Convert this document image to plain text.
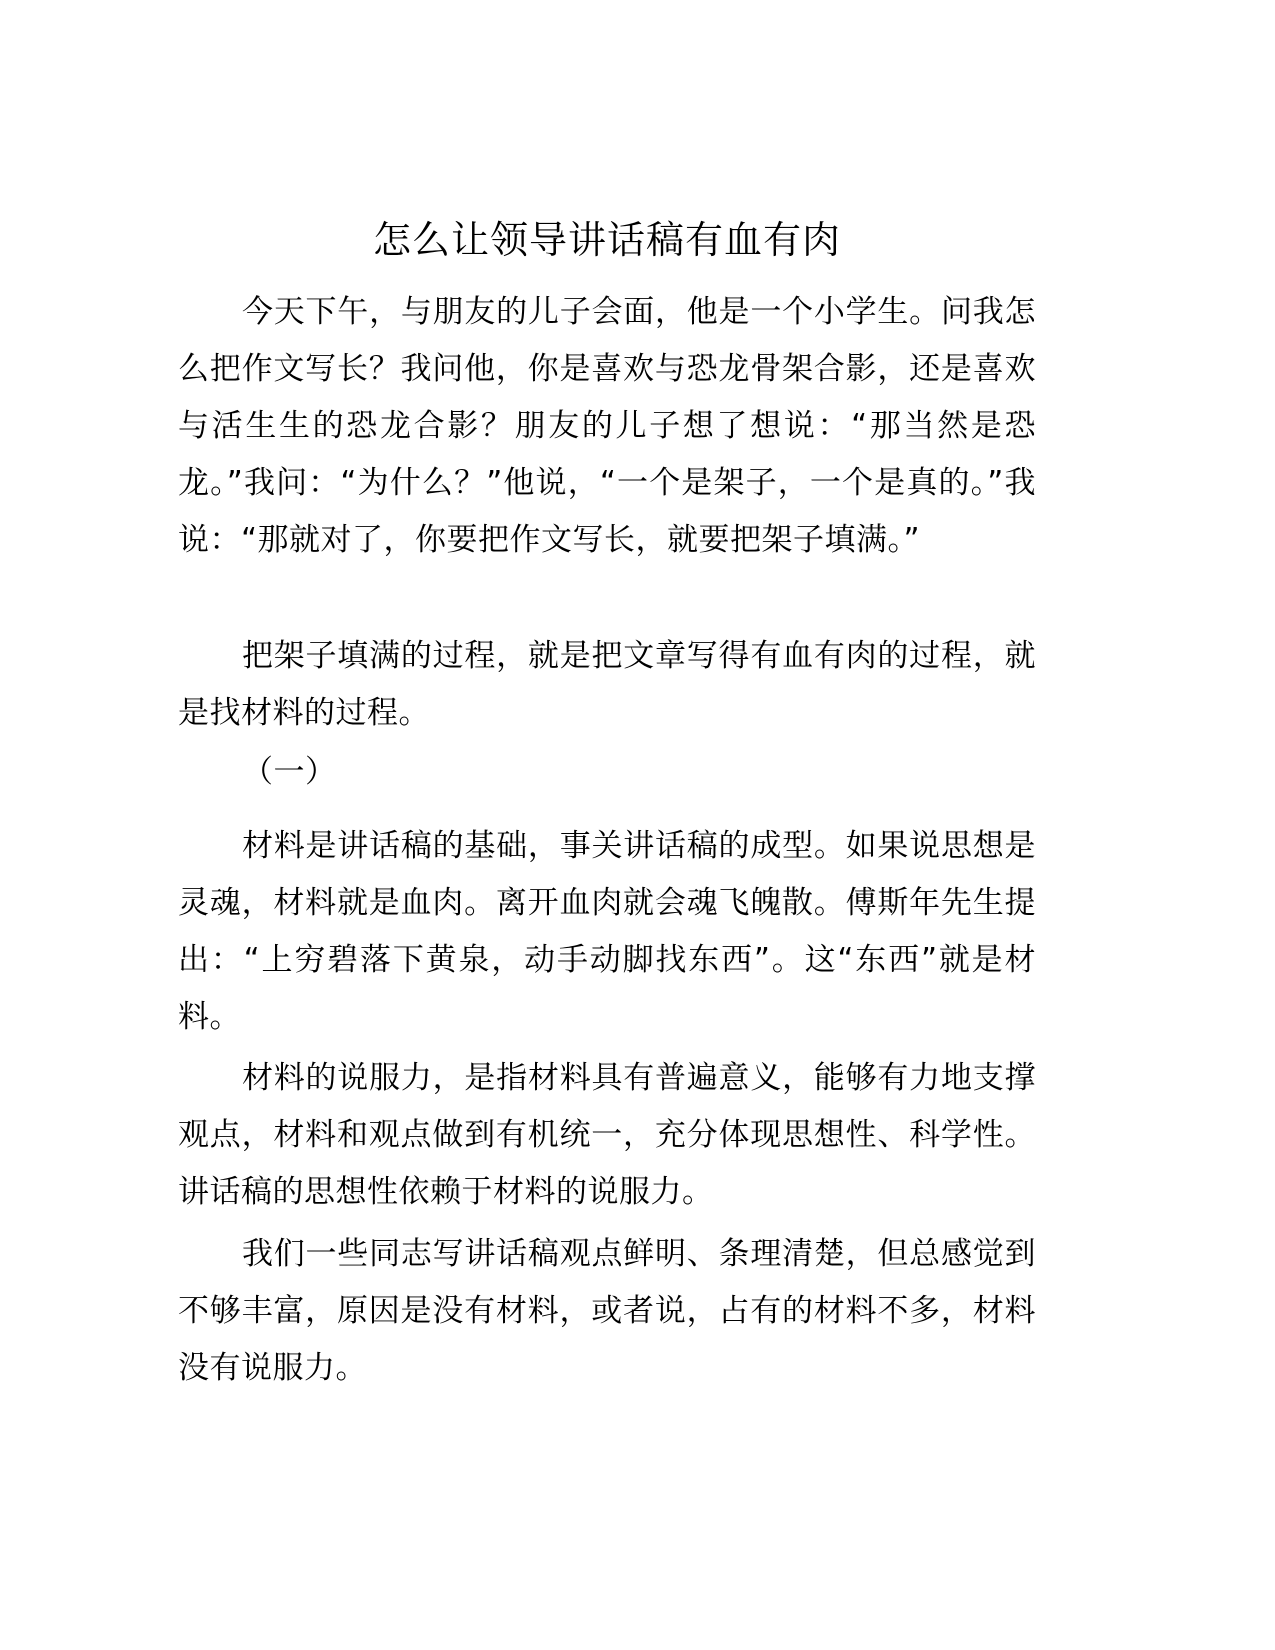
怎么让领导讲话稿有血有肉

今天下午，与朋友的儿子会面，他是一个小学生。问我怎么把作文写长？我问他，你是喜欢与恐龙骨架合影，还是喜欢与活生生的恐龙合影？朋友的儿子想了想说：“那当然是恐龙。”我问：“为什么？”他说，“一个是架子，一个是真的。”我说：“那就对了，你要把作文写长，就要把架子填满。”

把架子填满的过程，就是把文章写得有血有肉的过程，就是找材料的过程。

（一）

材料是讲话稿的基础，事关讲话稿的成型。如果说思想是灵魂，材料就是血肉。离开血肉就会魂飞魄散。傅斯年先生提出：“上穷碧落下黄泉，动手动脚找东西”。这“东西”就是材料。

材料的说服力，是指材料具有普遍意义，能够有力地支撑观点，材料和观点做到有机统一，充分体现思想性、科学性。讲话稿的思想性依赖于材料的说服力。

我们一些同志写讲话稿观点鲜明、条理清楚，但总感觉到不够丰富，原因是没有材料，或者说，占有的材料不多，材料没有说服力。
